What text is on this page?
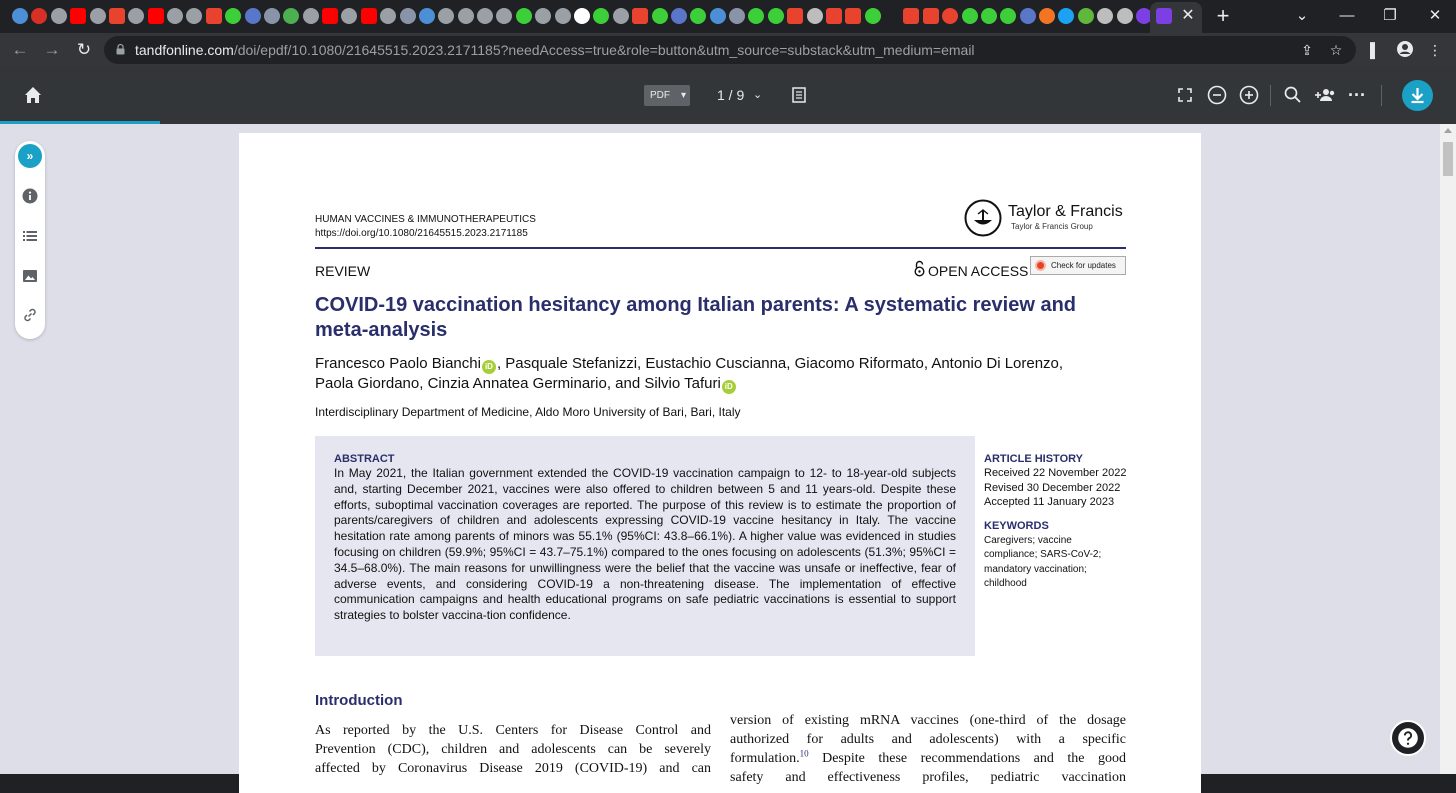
✕ +	⌄	—	❐	✕
← → ↻	tandfonline.com/doi/epdf/10.1080/21645515.2023.2171185?needAccess=true&role=button&utm_source=substack&utm_medium=email	⇪ ☆	▌	⋮
PDF ▾ 1 / 9 ⌄	···
»
HUMAN VACCINES & IMMUNOTHERAPEUTICS
https://doi.org/10.1080/21645515.2023.2171185
Taylor & Francis
Taylor & Francis Group
REVIEW	OPEN ACCESS	Check for updates
COVID-19 vaccination hesitancy among Italian parents: A systematic review and meta-analysis
Francesco Paolo Bianchi iD , Pasquale Stefanizzi, Eustachio Cuscianna, Giacomo Riformato, Antonio Di Lorenzo,
Paola Giordano, Cinzia Annatea Germinario, and Silvio Tafuri iD
Interdisciplinary Department of Medicine, Aldo Moro University of Bari, Bari, Italy
ABSTRACT
In May 2021, the Italian government extended the COVID-19 vaccination campaign to 12- to 18-year-old subjects and, starting December 2021, vaccines were also offered to children between 5 and 11 years-old. Despite these efforts, suboptimal vaccination coverages are reported. The purpose of this review is to estimate the proportion of parents/caregivers of children and adolescents expressing COVID-19 vaccine hesitancy in Italy. The vaccine hesitation rate among parents of minors was 55.1% (95%CI: 43.8–66.1%). A higher value was evidenced in studies focusing on children (59.9%; 95%CI = 43.7–75.1%) compared to the ones focusing on adolescents (51.3%; 95%CI = 34.5–68.0%). The main reasons for unwillingness were the belief that the vaccine was unsafe or ineffective, fear of adverse events, and considering COVID-19 a non-threatening disease. The implementation of effective communication campaigns and health educational programs on safe pediatric vaccinations is essential to support strategies to bolster vaccina-tion confidence.
ARTICLE HISTORY
Received 22 November 2022
Revised 30 December 2022
Accepted 11 January 2023
KEYWORDS
Caregivers; vaccine
compliance; SARS-CoV-2;
mandatory vaccination;
childhood
Introduction
As reported by the U.S. Centers for Disease Control and
Prevention (CDC), children and adolescents can be severely
affected by Coronavirus Disease 2019 (COVID-19) and can
version of existing mRNA vaccines (one-third of the dosage
authorized for adults and adolescents) with a specific
formulation.$^{10}$ Despite these recommendations and the good
safety and effectiveness profiles, pediatric vaccination
